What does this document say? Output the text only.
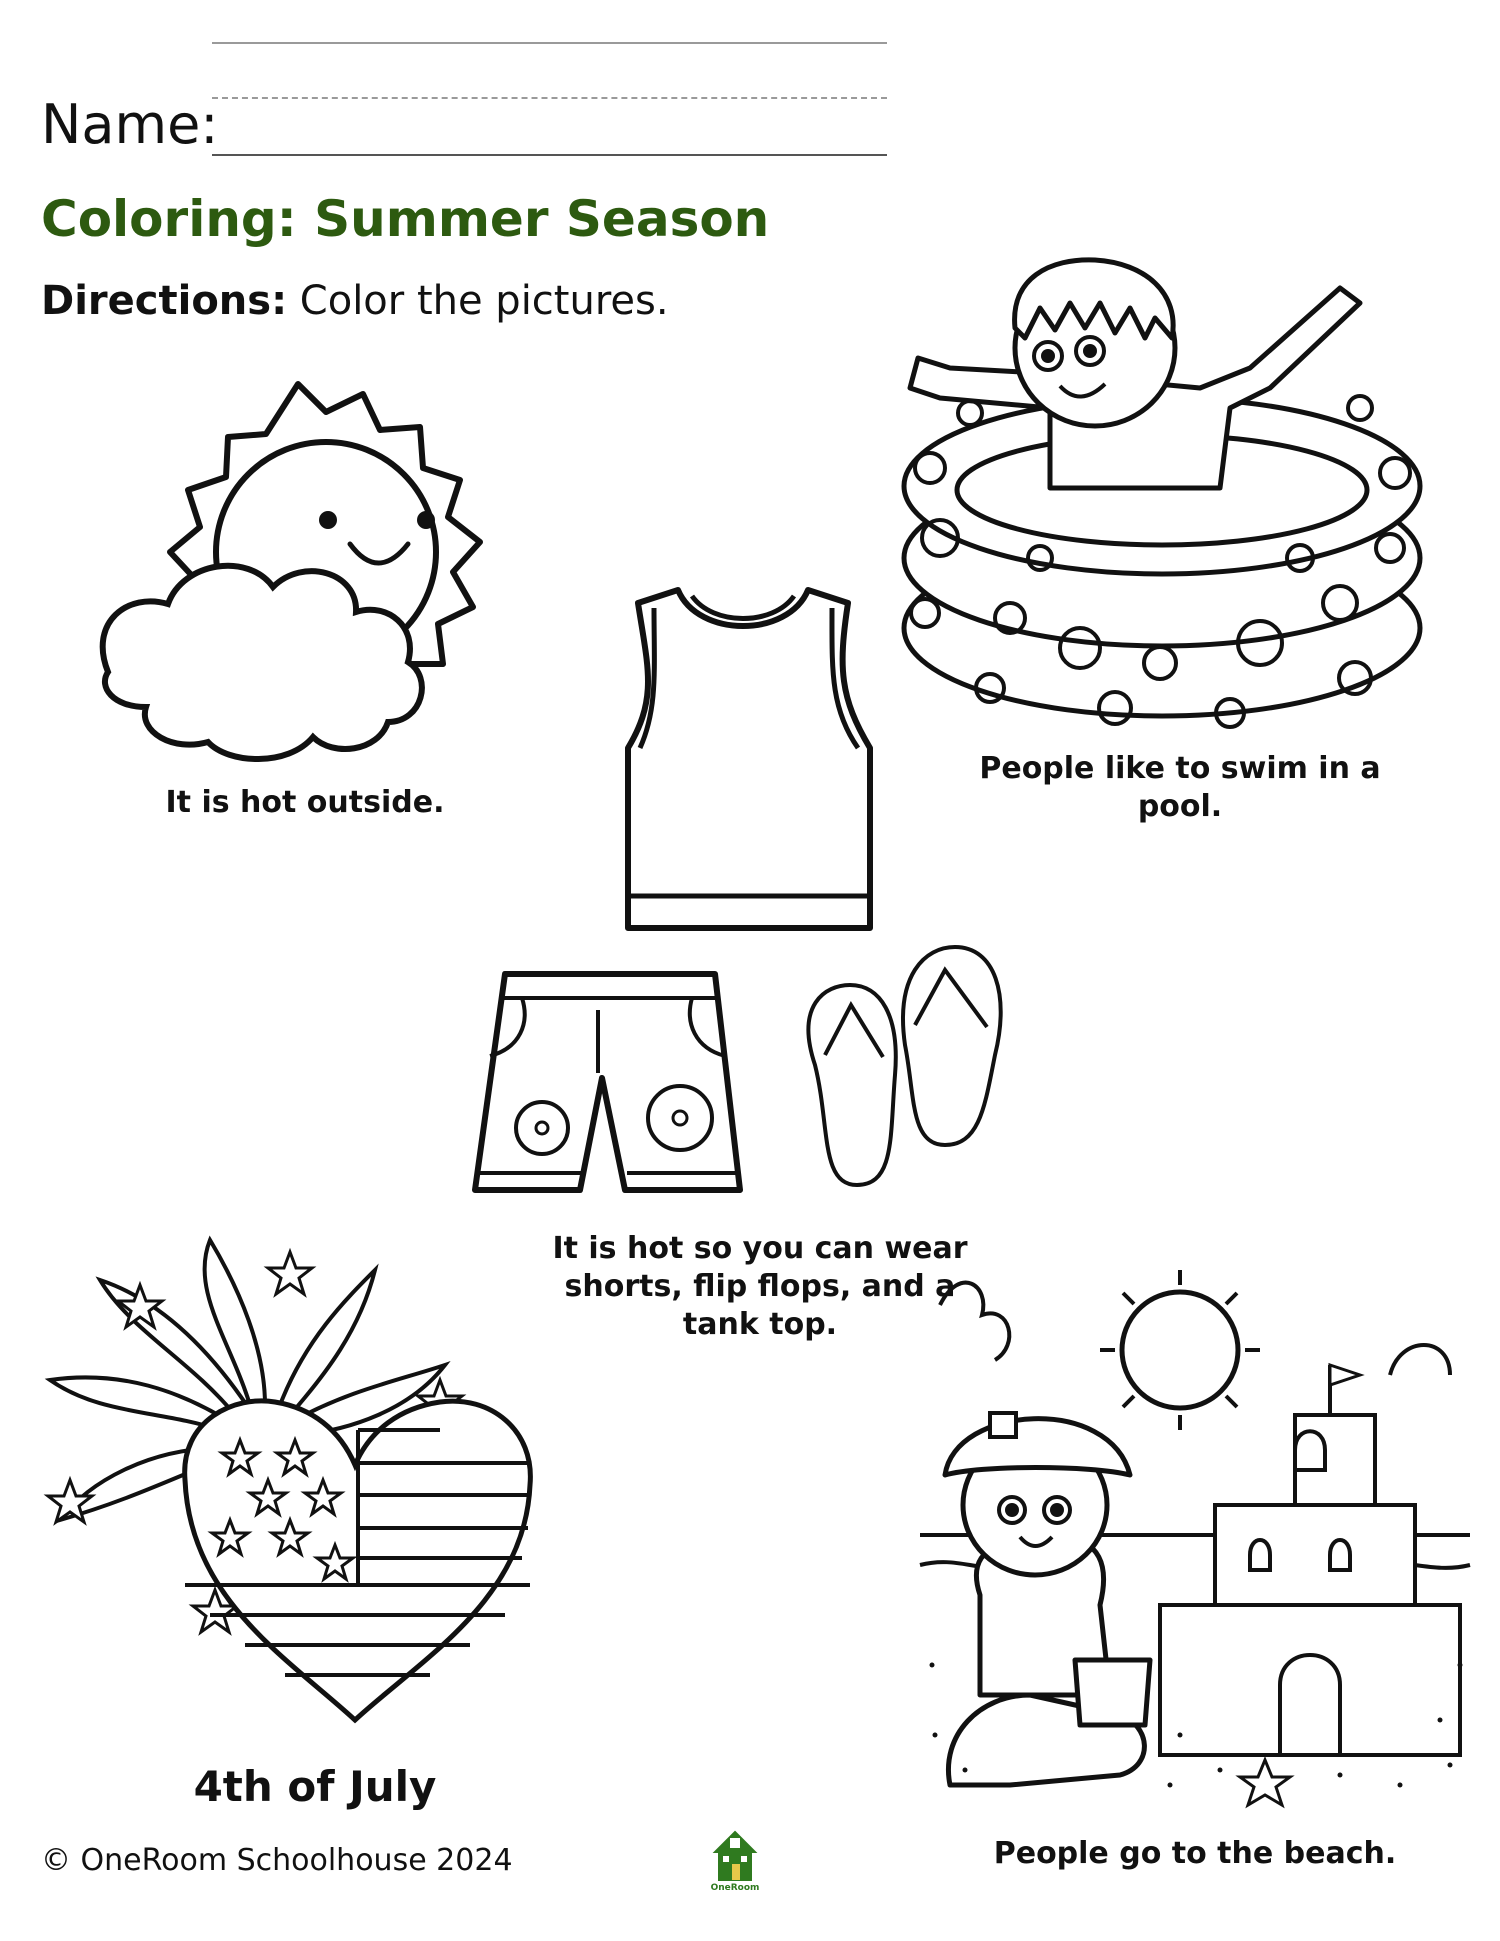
Name:
Coloring: Summer Season
Directions: Color the pictures.
It is hot outside.
It is hot so you can wear shorts, flip flops, and a tank top.
People like to swim in a pool.
4th of July
People go to the beach.
© OneRoom Schoolhouse 2024
OneRoom
